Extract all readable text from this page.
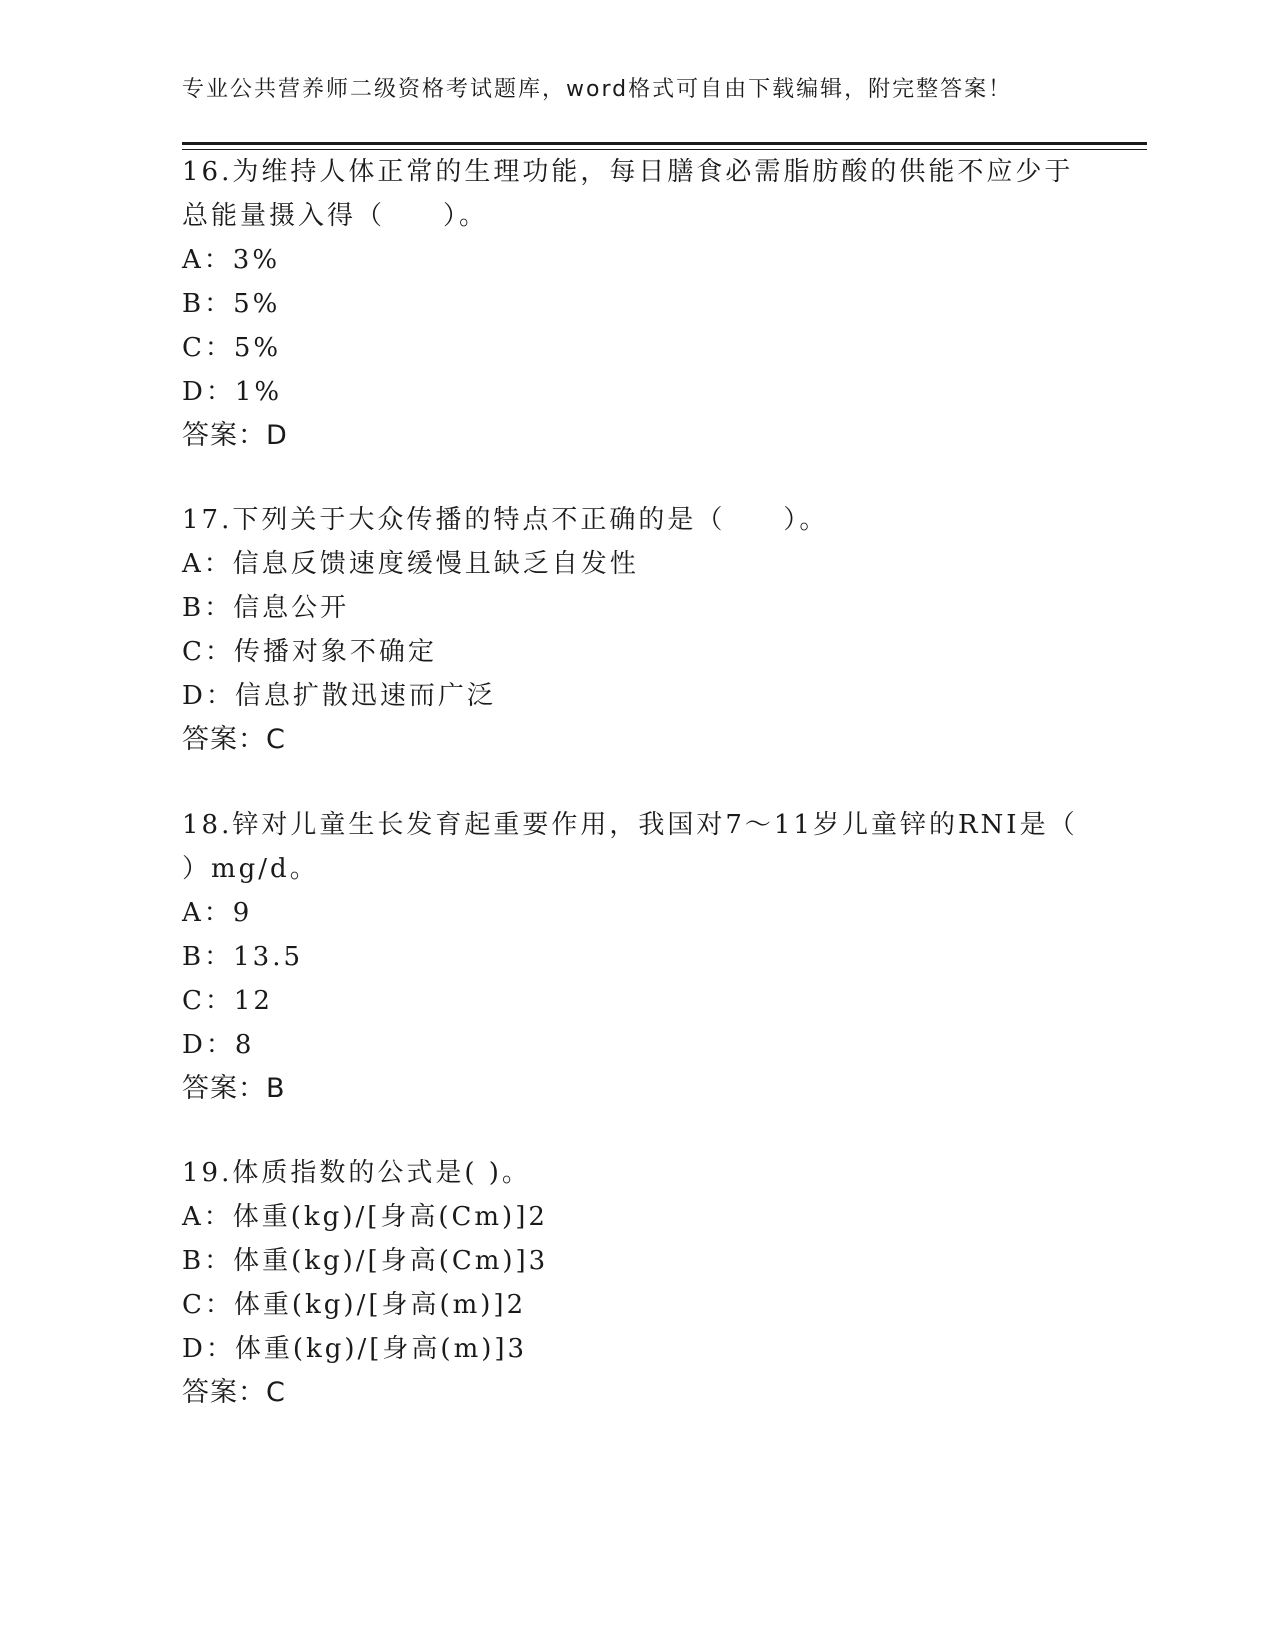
专业公共营养师二级资格考试题库，word格式可自由下载编辑，附完整答案！
16.为维持人体正常的生理功能，每日膳食必需脂肪酸的供能不应少于
总能量摄入得（　　）。
A：3%
B：5%
C：5%
D：1%
答案：D
17.下列关于大众传播的特点不正确的是（　　）。
A：信息反馈速度缓慢且缺乏自发性
B：信息公开
C：传播对象不确定
D：信息扩散迅速而广泛
答案：C
18.锌对儿童生长发育起重要作用，我国对7～11岁儿童锌的RNI是（
）mg/d。
A：9
B：13.5
C：12
D：8
答案：B
19.体质指数的公式是( )。
A：体重(kg)/[身高(Cm)]2
B：体重(kg)/[身高(Cm)]3
C：体重(kg)/[身高(m)]2
D：体重(kg)/[身高(m)]3
答案：C
